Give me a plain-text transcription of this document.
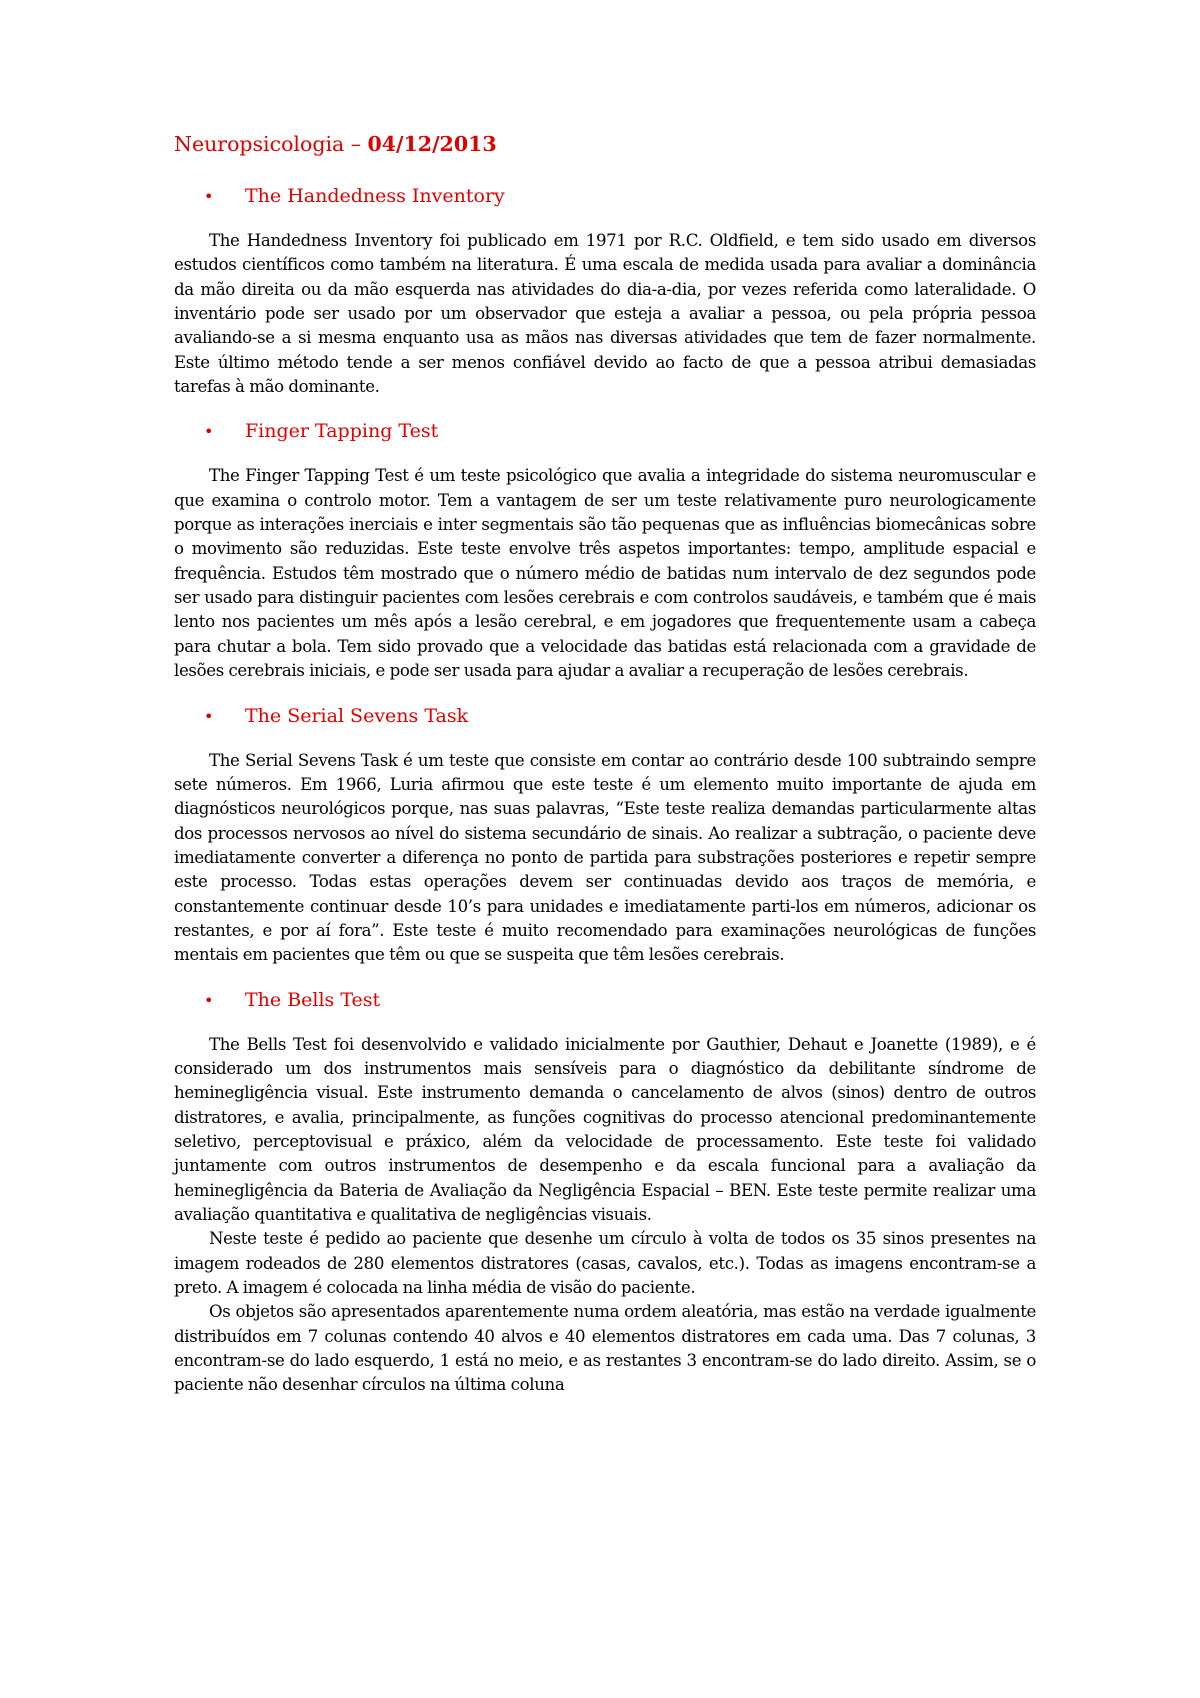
Neuropsicologia – 04/12/2013
• The Handedness Inventory

The Handedness Inventory foi publicado em 1971 por R.C. Oldfield, e tem sido usado em diversos estudos científicos como também na literatura. É uma escala de medida usada para avaliar a dominância da mão direita ou da mão esquerda nas atividades do dia-a-dia, por vezes referida como lateralidade. O inventário pode ser usado por um observador que esteja a avaliar a pessoa, ou pela própria pessoa avaliando-se a si mesma enquanto usa as mãos nas diversas atividades que tem de fazer normalmente. Este último método tende a ser menos confiável devido ao facto de que a pessoa atribui demasiadas tarefas à mão dominante.

• Finger Tapping Test

The Finger Tapping Test é um teste psicológico que avalia a integridade do sistema neuromuscular e que examina o controlo motor. Tem a vantagem de ser um teste relativamente puro neurologicamente porque as interações inerciais e inter segmentais são tão pequenas que as influências biomecânicas sobre o movimento são reduzidas. Este teste envolve três aspetos importantes: tempo, amplitude espacial e frequência. Estudos têm mostrado que o número médio de batidas num intervalo de dez segundos pode ser usado para distinguir pacientes com lesões cerebrais e com controlos saudáveis, e também que é mais lento nos pacientes um mês após a lesão cerebral, e em jogadores que frequentemente usam a cabeça para chutar a bola. Tem sido provado que a velocidade das batidas está relacionada com a gravidade de lesões cerebrais iniciais, e pode ser usada para ajudar a avaliar a recuperação de lesões cerebrais.

• The Serial Sevens Task

The Serial Sevens Task é um teste que consiste em contar ao contrário desde 100 subtraindo sempre sete números. Em 1966, Luria afirmou que este teste é um elemento muito importante de ajuda em diagnósticos neurológicos porque, nas suas palavras, “Este teste realiza demandas particularmente altas dos processos nervosos ao nível do sistema secundário de sinais. Ao realizar a subtração, o paciente deve imediatamente converter a diferença no ponto de partida para substrações posteriores e repetir sempre este processo. Todas estas operações devem ser continuadas devido aos traços de memória, e constantemente continuar desde 10’s para unidades e imediatamente parti-los em números, adicionar os restantes, e por aí fora”. Este teste é muito recomendado para examinações neurológicas de funções mentais em pacientes que têm ou que se suspeita que têm lesões cerebrais.

• The Bells Test

The Bells Test foi desenvolvido e validado inicialmente por Gauthier, Dehaut e Joanette (1989), e é considerado um dos instrumentos mais sensíveis para o diagnóstico da debilitante síndrome de heminegligência visual. Este instrumento demanda o cancelamento de alvos (sinos) dentro de outros distratores, e avalia, principalmente, as funções cognitivas do processo atencional predominantemente seletivo, perceptovisual e práxico, além da velocidade de processamento. Este teste foi validado juntamente com outros instrumentos de desempenho e da escala funcional para a avaliação da heminegligência da Bateria de Avaliação da Negligência Espacial – BEN. Este teste permite realizar uma avaliação quantitativa e qualitativa de negligências visuais.

Neste teste é pedido ao paciente que desenhe um círculo à volta de todos os 35 sinos presentes na imagem rodeados de 280 elementos distratores (casas, cavalos, etc.). Todas as imagens encontram-se a preto. A imagem é colocada na linha média de visão do paciente.

Os objetos são apresentados aparentemente numa ordem aleatória, mas estão na verdade igualmente distribuídos em 7 colunas contendo 40 alvos e 40 elementos distratores em cada uma. Das 7 colunas, 3 encontram-se do lado esquerdo, 1 está no meio, e as restantes 3 encontram-se do lado direito. Assim, se o paciente não desenhar círculos na última coluna
